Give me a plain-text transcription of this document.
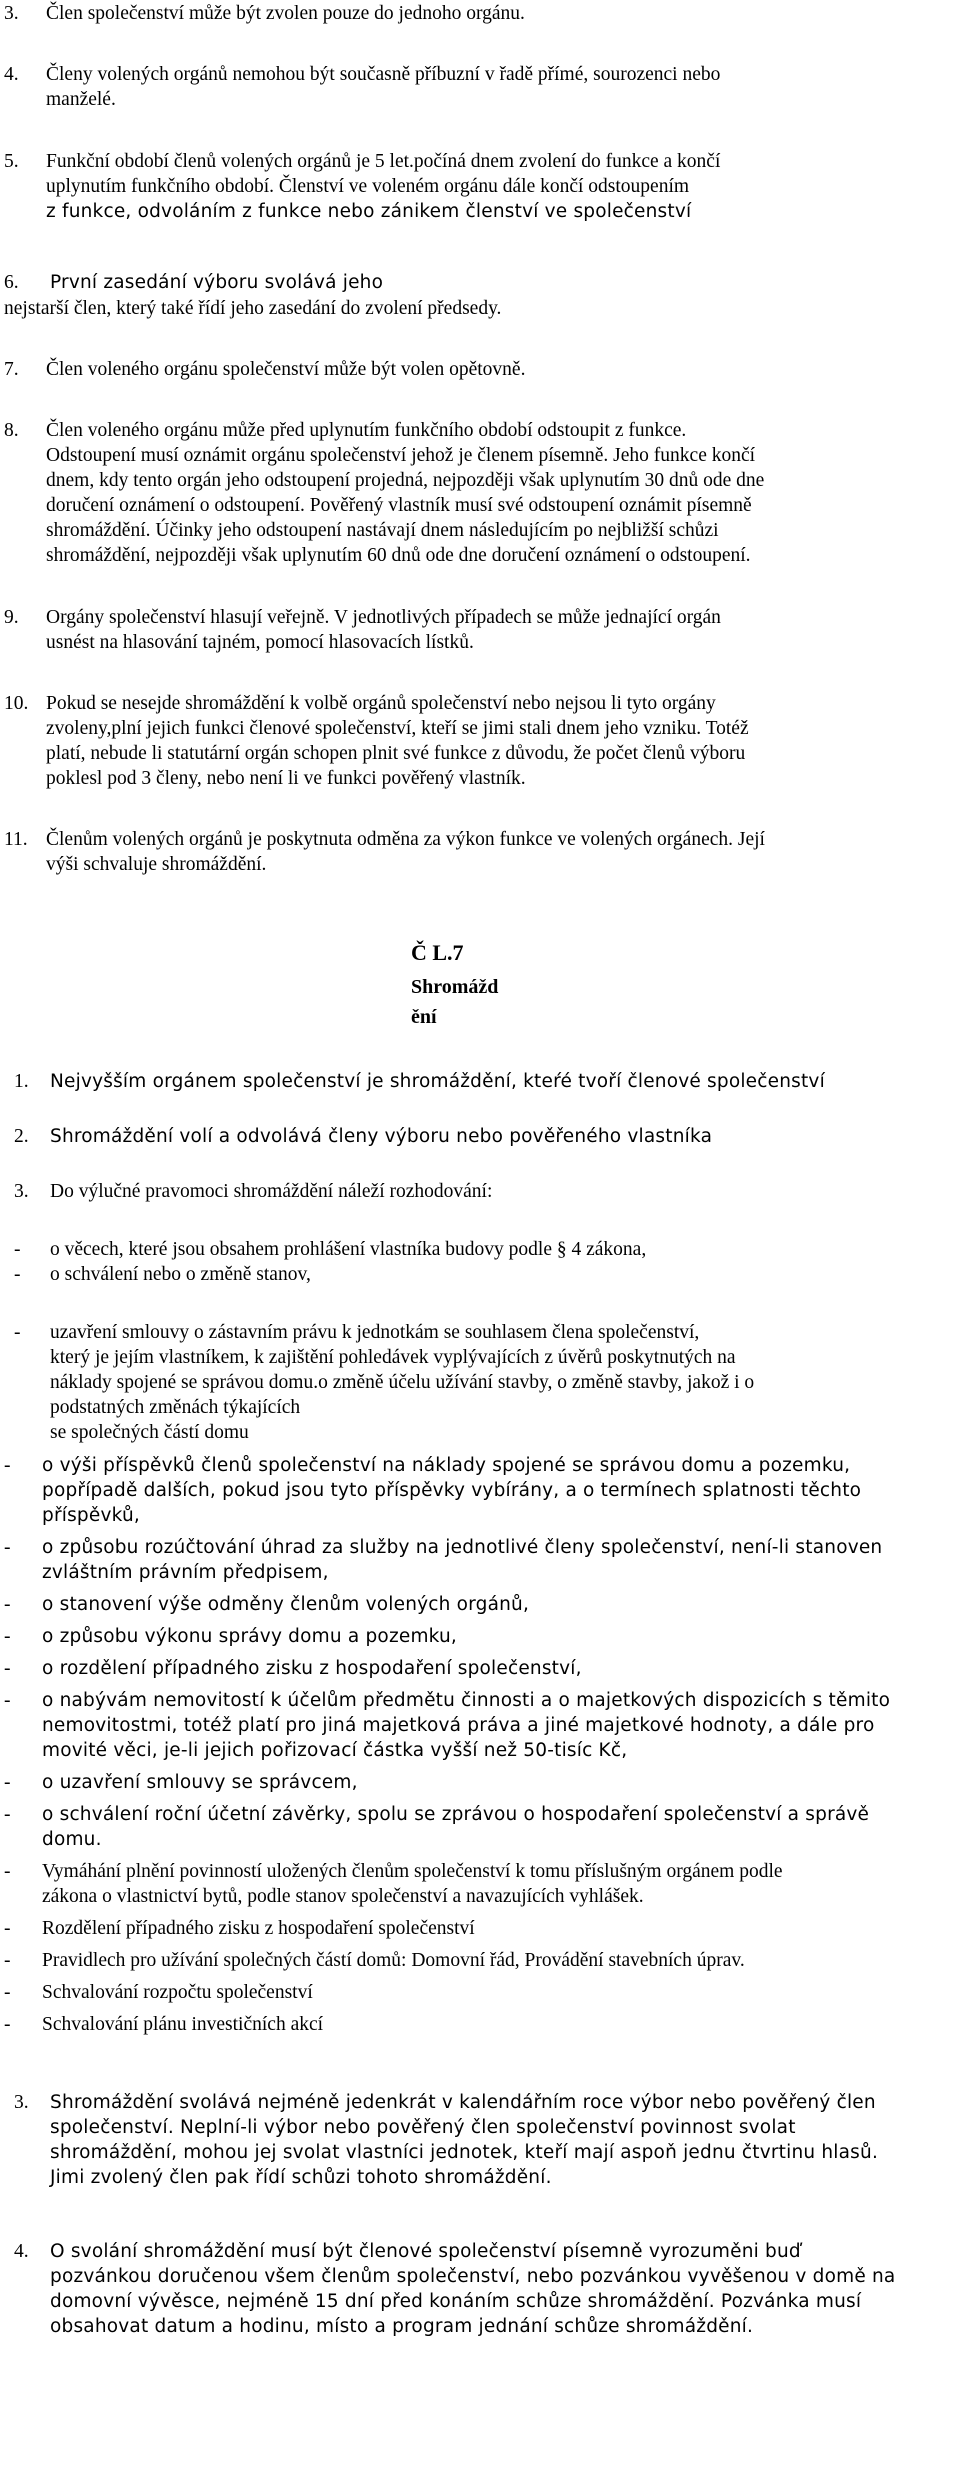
3. Člen společenství může být zvolen pouze do jednoho orgánu.
4. Členy volených orgánů nemohou být současně příbuzní v řadě přímé, sourozenci nebo
manželé.
5. Funkční období členů volených orgánů je 5 let.počíná dnem zvolení do funkce a končí
uplynutím funkčního období. Členství ve voleném orgánu dále končí odstoupením
z funkce, odvoláním z funkce nebo zánikem členství ve společenství
6. První zasedání výboru svolává jeho
nejstarší člen, který také řídí jeho zasedání do zvolení předsedy.
7. Člen voleného orgánu společenství může být volen opětovně.
8. Člen voleného orgánu může před uplynutím funkčního období odstoupit z funkce.
Odstoupení musí oznámit orgánu společenství jehož je členem písemně. Jeho funkce končí
dnem, kdy tento orgán jeho odstoupení projedná, nejpozději však uplynutím 30 dnů ode dne
doručení oznámení o odstoupení. Pověřený vlastník musí své odstoupení oznámit písemně
shromáždění. Účinky jeho odstoupení nastávají dnem následujícím po nejbližší schůzi
shromáždění, nejpozději však uplynutím 60 dnů ode dne doručení oznámení o odstoupení.
9. Orgány společenství hlasují veřejně. V jednotlivých případech se může jednající orgán
usnést na hlasování tajném, pomocí hlasovacích lístků.
10. Pokud se nesejde shromáždění k volbě orgánů společenství nebo nejsou li tyto orgány
zvoleny,plní jejich funkci členové společenství, kteří se jimi stali dnem jeho vzniku. Totéž
platí, nebude li statutární orgán schopen plnit své funkce z důvodu, že počet členů výboru
poklesl pod 3 členy, nebo není li ve funkci pověřený vlastník.
11. Členům volených orgánů je poskytnuta odměna za výkon funkce ve volených orgánech. Její
výši schvaluje shromáždění.
Č L.7
Shromážd
ění
1. Nejvyšším orgánem společenství je shromáždění, kteŕé tvoří členové společenství
2. Shromáždění volí a odvolává členy výboru nebo pověřeného vlastníka
3. Do výlučné pravomoci shromáždění náleží rozhodování:
- o věcech, které jsou obsahem prohlášení vlastníka budovy podle § 4 zákona,
- o schválení nebo o změně stanov,
- uzavření smlouvy o zástavním právu k jednotkám se souhlasem člena společenství,
který je jejím vlastníkem, k zajištění pohledávek vyplývajících z úvěrů poskytnutých na
náklady spojené se správou domu.o změně účelu užívání stavby, o změně stavby, jakož i o
podstatných změnách týkajících
se společných částí domu
- o výši příspěvků členů společenství na náklady spojené se správou domu a pozemku,
popřípadě dalších, pokud jsou tyto příspěvky vybírány, a o termínech splatnosti těchto
příspěvků,
- o způsobu rozúčtování úhrad za služby na jednotlivé členy společenství, není-li stanoven
zvláštním právním předpisem,
- o stanovení výše odměny členům volených orgánů,
- o způsobu výkonu správy domu a pozemku,
- o rozdělení případného zisku z hospodaření společenství,
- o nabývám nemovitostí k účelům předmětu činnosti a o majetkových dispozicích s těmito
nemovitostmi, totéž platí pro jiná majetková práva a jiné majetkové hodnoty, a dále pro
movité věci, je-li jejich pořizovací částka vyšší než 50-tisíc Kč,
- o uzavření smlouvy se správcem,
- o schválení roční účetní závěrky, spolu se zprávou o hospodaření společenství a správě
domu.
- Vymáhání plnění povinností uložených členům společenství k tomu příslušným orgánem podle
zákona o vlastnictví bytů, podle stanov společenství a navazujících vyhlášek.
- Rozdělení případného zisku z hospodaření společenství
- Pravidlech pro užívání společných částí domů: Domovní řád, Provádění stavebních úprav.
- Schvalování rozpočtu společenství
- Schvalování plánu investičních akcí
3. Shromáždění svolává nejméně jedenkrát v kalendářním roce výbor nebo pověřený člen
společenství. Neplní-li výbor nebo pověřený člen společenství povinnost svolat
shromáždění, mohou jej svolat vlastníci jednotek, kteří mají aspoň jednu čtvrtinu hlasů.
Jimi zvolený člen pak řídí schůzi tohoto shromáždění.
4. O svolání shromáždění musí být členové společenství písemně vyrozuměni buď
pozvánkou doručenou všem členům společenství, nebo pozvánkou vyvěšenou v domě na
domovní vývěsce, nejméně 15 dní před konáním schůze shromáždění. Pozvánka musí
obsahovat datum a hodinu, místo a program jednání schůze shromáždění.
